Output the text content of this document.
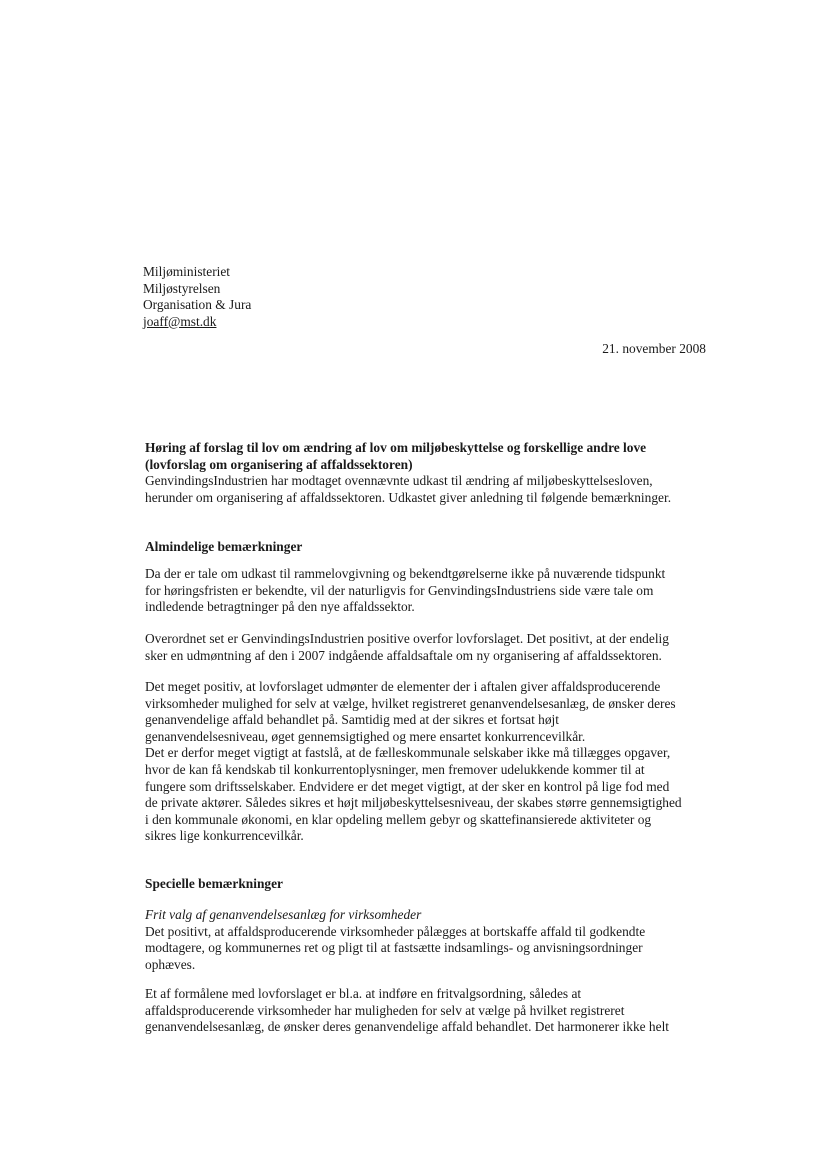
Miljøministeriet
Miljøstyrelsen
Organisation & Jura
joaff@mst.dk
21. november 2008
Høring af forslag til lov om ændring af lov om miljøbeskyttelse og forskellige andre love
(lovforslag om organisering af affaldssektoren)
GenvindingsIndustrien har modtaget ovennævnte udkast til ændring af miljøbeskyttelsesloven,
herunder om organisering af affaldssektoren. Udkastet giver anledning til følgende bemærkninger.
Almindelige bemærkninger
Da der er tale om udkast til rammelovgivning og bekendtgørelserne ikke på nuværende tidspunkt
for høringsfristen er bekendte, vil der naturligvis for GenvindingsIndustriens side være tale om
indledende betragtninger på den nye affaldssektor.
Overordnet set er GenvindingsIndustrien positive overfor lovforslaget. Det positivt, at der endelig
sker en udmøntning af den i 2007 indgående affaldsaftale om ny organisering af affaldssektoren.
Det meget positiv, at lovforslaget udmønter de elementer der i aftalen giver affaldsproducerende
virksomheder mulighed for selv at vælge, hvilket registreret genanvendelsesanlæg, de ønsker deres
genanvendelige affald behandlet på. Samtidig med at der sikres et fortsat højt
genanvendelsesniveau, øget gennemsigtighed og mere ensartet konkurrencevilkår.
Det er derfor meget vigtigt at fastslå, at de fælleskommunale selskaber ikke må tillægges opgaver,
hvor de kan få kendskab til konkurrentoplysninger, men fremover udelukkende kommer til at
fungere som driftsselskaber. Endvidere er det meget vigtigt, at der sker en kontrol på lige fod med
de private aktører. Således sikres et højt miljøbeskyttelsesniveau, der skabes større gennemsigtighed
i den kommunale økonomi, en klar opdeling mellem gebyr og skattefinansierede aktiviteter og
sikres lige konkurrencevilkår.
Specielle bemærkninger
Frit valg af genanvendelsesanlæg for virksomheder
Det positivt, at affaldsproducerende virksomheder pålægges at bortskaffe affald til godkendte
modtagere, og kommunernes ret og pligt til at fastsætte indsamlings- og anvisningsordninger
ophæves.
Et af formålene med lovforslaget er bl.a. at indføre en fritvalgsordning, således at
affaldsproducerende virksomheder har muligheden for selv at vælge på hvilket registreret
genanvendelsesanlæg, de ønsker deres genanvendelige affald behandlet. Det harmonerer ikke helt
